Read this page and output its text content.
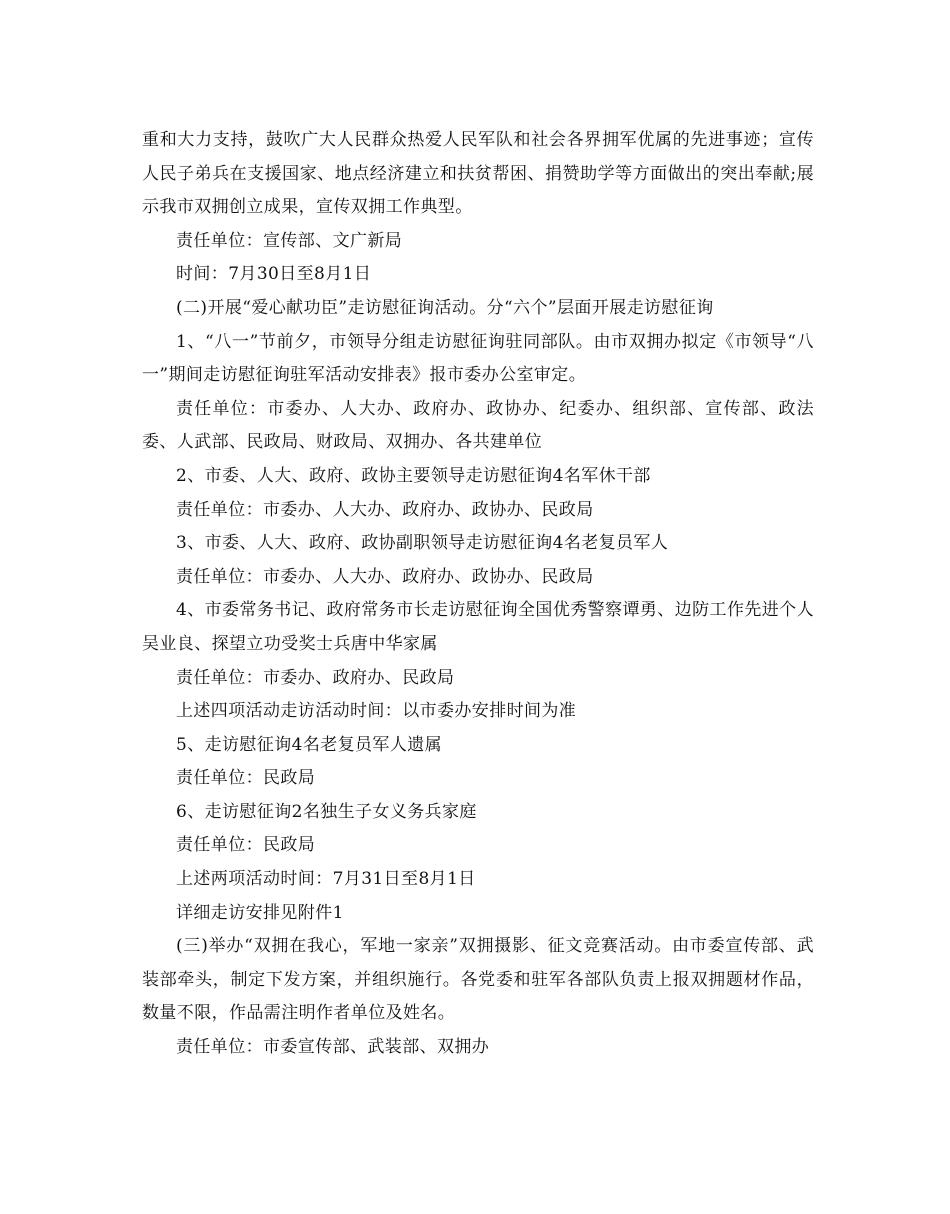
重和大力支持，鼓吹广大人民群众热爱人民军队和社会各界拥军优属的先进事迹；宣传人民子弟兵在支援国家、地点经济建立和扶贫帮困、捐赞助学等方面做出的突出奉献;展示我市双拥创立成果，宣传双拥工作典型。

责任单位：宣传部、文广新局

时间：7月30日至8月1日

(二)开展“爱心献功臣”走访慰征询活动。分“六个”层面开展走访慰征询

1、“八一”节前夕，市领导分组走访慰征询驻同部队。由市双拥办拟定《市领导“八一”期间走访慰征询驻军活动安排表》报市委办公室审定。

责任单位：市委办、人大办、政府办、政协办、纪委办、组织部、宣传部、政法委、人武部、民政局、财政局、双拥办、各共建单位

2、市委、人大、政府、政协主要领导走访慰征询4名军休干部

责任单位：市委办、人大办、政府办、政协办、民政局

3、市委、人大、政府、政协副职领导走访慰征询4名老复员军人

责任单位：市委办、人大办、政府办、政协办、民政局

4、市委常务书记、政府常务市长走访慰征询全国优秀警察谭勇、边防工作先进个人吴业良、探望立功受奖士兵唐中华家属

责任单位：市委办、政府办、民政局

上述四项活动走访活动时间：以市委办安排时间为准

5、走访慰征询4名老复员军人遗属

责任单位：民政局

6、走访慰征询2名独生子女义务兵家庭

责任单位：民政局

上述两项活动时间：7月31日至8月1日

详细走访安排见附件1

(三)举办“双拥在我心，军地一家亲”双拥摄影、征文竞赛活动。由市委宣传部、武装部牵头，制定下发方案，并组织施行。各党委和驻军各部队负责上报双拥题材作品，数量不限，作品需注明作者单位及姓名。

责任单位：市委宣传部、武装部、双拥办
